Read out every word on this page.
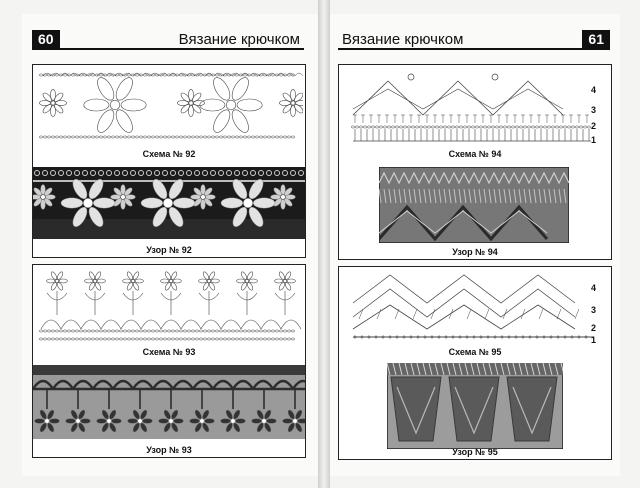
60	Вязание крючком
Схема № 92
Узор № 92
Схема № 93
Узор № 93
Вязание крючком	61
4
3
2
1
Схема № 94
Узор № 94
4
3
2
1
Схема № 95
Узор № 95
